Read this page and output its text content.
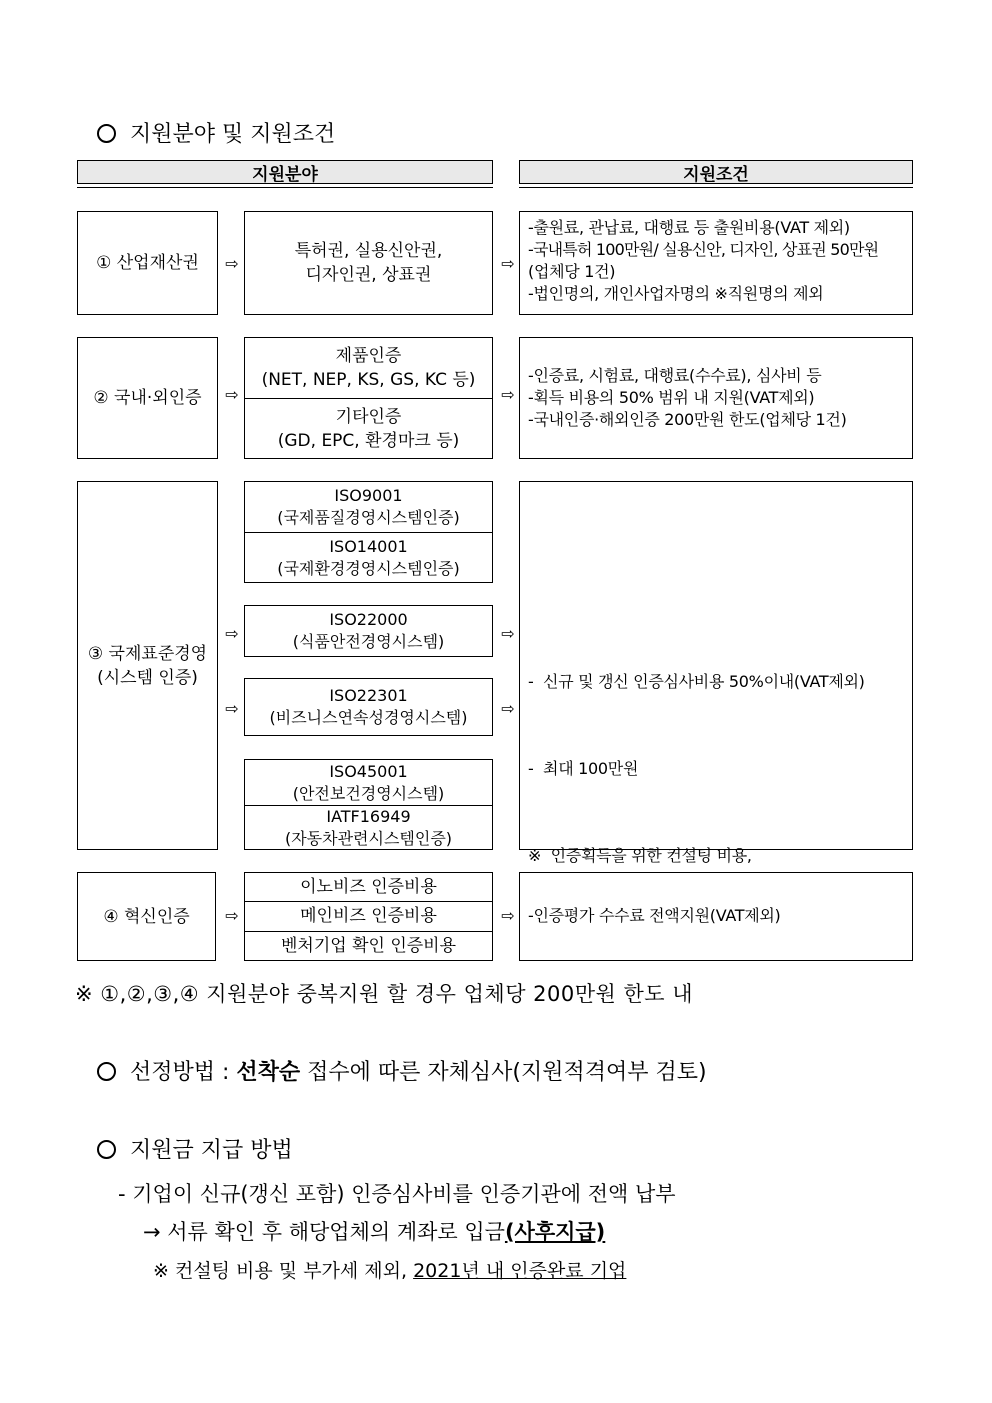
지원분야 및 지원조건
지원분야	지원조건
① 산업재산권 ⇨
특허권, 실용신안권,
디자인권, 상표권
⇨
-출원료, 관납료, 대행료 등 출원비용(VAT 제외)
-국내특허 100만원/ 실용신안, 디자인, 상표권 50만원
(업체당 1건)
-법인명의, 개인사업자명의 ※직원명의 제외
② 국내·외인증 ⇨
제품인증
(NET, NEP, KS, GS, KC 등)
기타인증
(GD, EPC, 환경마크 등)
⇨
-인증료, 시험료, 대행료(수수료), 심사비 등
-획득 비용의 50% 범위 내 지원(VAT제외)
-국내인증·해외인증 200만원 한도(업체당 1건)
③ 국제표준경영
(시스템 인증)
ISO9001
(국제품질경영시스템인증)
ISO14001
(국제환경경영시스템인증)
⇨
ISO22000
(식품안전경영시스템)	⇨
⇨
ISO22301
(비즈니스연속성경영시스템) ⇨
ISO45001
(안전보건경영시스템)
IATF16949
(자동차관련시스템인증)

-  신규 및 갱신 인증심사비용 50%이내(VAT제외)

-  최대 100만원

※  인증획득을 위한 컨설팅 비용,

④ 혁신인증 ⇨
이노비즈 인증비용
메인비즈 인증비용
벤처기업 확인 인증비용
⇨ -인증평가 수수료 전액지원(VAT제외)
※ ①,②,③,④ 지원분야 중복지원 할 경우 업체당 200만원 한도 내
선정방법 : 선착순 접수에 따른 자체심사(지원적격여부 검토)
지원금 지급 방법
- 기업이 신규(갱신 포함) 인증심사비를 인증기관에 전액 납부
→ 서류 확인 후 해당업체의 계좌로 입금(사후지급)
※ 컨설팅 비용 및 부가세 제외, 2021년 내 인증완료 기업
